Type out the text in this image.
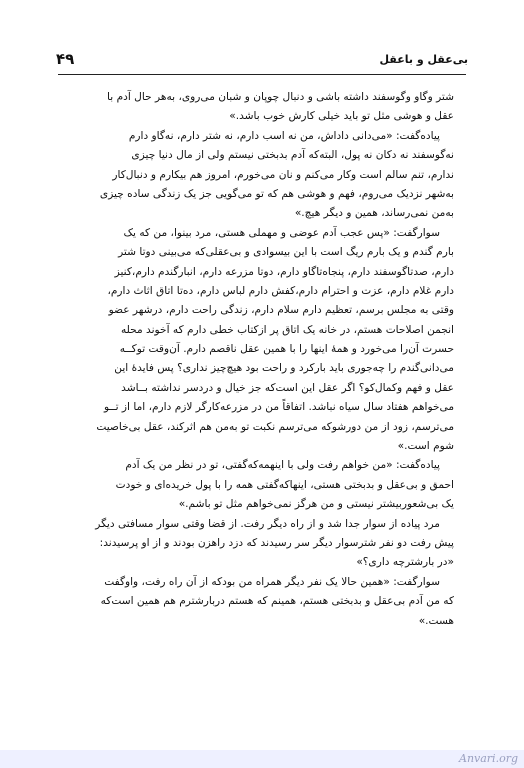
۴۹	بی‌عقل و با‌عقل
شتر وگاو وگوسفند داشته باشی و دنبال چوپان و شبان می‌روی، به‌هر حال آدم با
عقل و هوشی مثل تو باید خیلی کارش خوب باشد.»
پیاده‌گفت: «می‌دانی داداش، من نه اسب دارم، نه شتر دارم، نه‌گاو دارم
نه‌گوسفند نه دکان نه پول، البته‌که آدم بدبختی نیستم ولی از مال دنیا چیزی
ندارم، تنم سالم است وکار می‌کنم و نان می‌خورم، امروز هم بیکارم و دنبال‌کار
به‌شهر نزدیک می‌روم، فهم و هوشی هم که تو می‌گویی جز یک زندگی ساده چیزی
به‌من نمی‌رساند، همین و دیگر هیچ.»
سوارگفت: «پس عجب آدم عوضی و مهملی هستی، مرد بینوا، من که یک
بارم گندم و یک بارم ریگ است با این بیسوادی و بی‌عقلی‌که می‌بینی دوتا شتر
دارم، صدتاگوسفند دارم، پنجاه‌تاگاو دارم، دوتا مزرعه دارم، انبارگندم دارم،کنیز
دارم غلام دارم، عزت و احترام دارم،کفش دارم لباس دارم، ده‌تا اتاق اثاث دارم،
وقتی به مجلس برسم، تعظیم دارم سلام دارم، زندگی راحت دارم، درشهر عضو
انجمن اصلاحات هستم، در خانه یک اتاق پر ازکتاب خطی دارم که آخوند محله
حسرت آن‌را می‌خورد و همهٔ اینها را با همین عقل ناقصم دارم. آن‌وقت تو‌کــه
می‌دانی‌گندم را چه‌جوری باید بارکرد و راحت بود هیچ‌چیز نداری؟ پس فایدهٔ این
عقل و فهم وکمال‌کو؟ اگر عقل این است‌که جز خیال و دردسر نداشته بــاشد
می‌خواهم هفتاد سال سیاه نباشد. اتفاقاً من در مزرعه‌کارگر لازم دارم، اما از تــو
می‌ترسم، زود از من دورشو‌که می‌ترسم نکبت تو به‌من هم اثرکند، عقل بی‌خاصیت
شوم است.»
پیاده‌گفت: «من خواهم رفت ولی با اینهمه‌که‌گفتی، تو در نظر من یک آدم
احمق و بی‌عقل و بدبختی هستی، اینها‌که‌گفتی همه را با پول خریده‌ای و خودت
یک بی‌شعوربیشتر نیستی و من هرگز نمی‌خواهم مثل تو باشم.»
مرد پیاده از سوار جدا شد و از راه دیگر رفت. از قضا وقتی سوار مسافتی دیگر
پیش رفت دو نفر شترسوار دیگر سر رسیدند که دزد راهزن بودند و از او پرسیدند:
«در بارشترچه داری؟»
سوارگفت: «همین حالا یک نفر دیگر همراه من بود‌که از آن راه رفت، واوگفت
که من آدم بی‌عقل و بدبختی هستم، همینم که هستم دربارشترم هم همین است‌که
هست.»
Anvari.org
